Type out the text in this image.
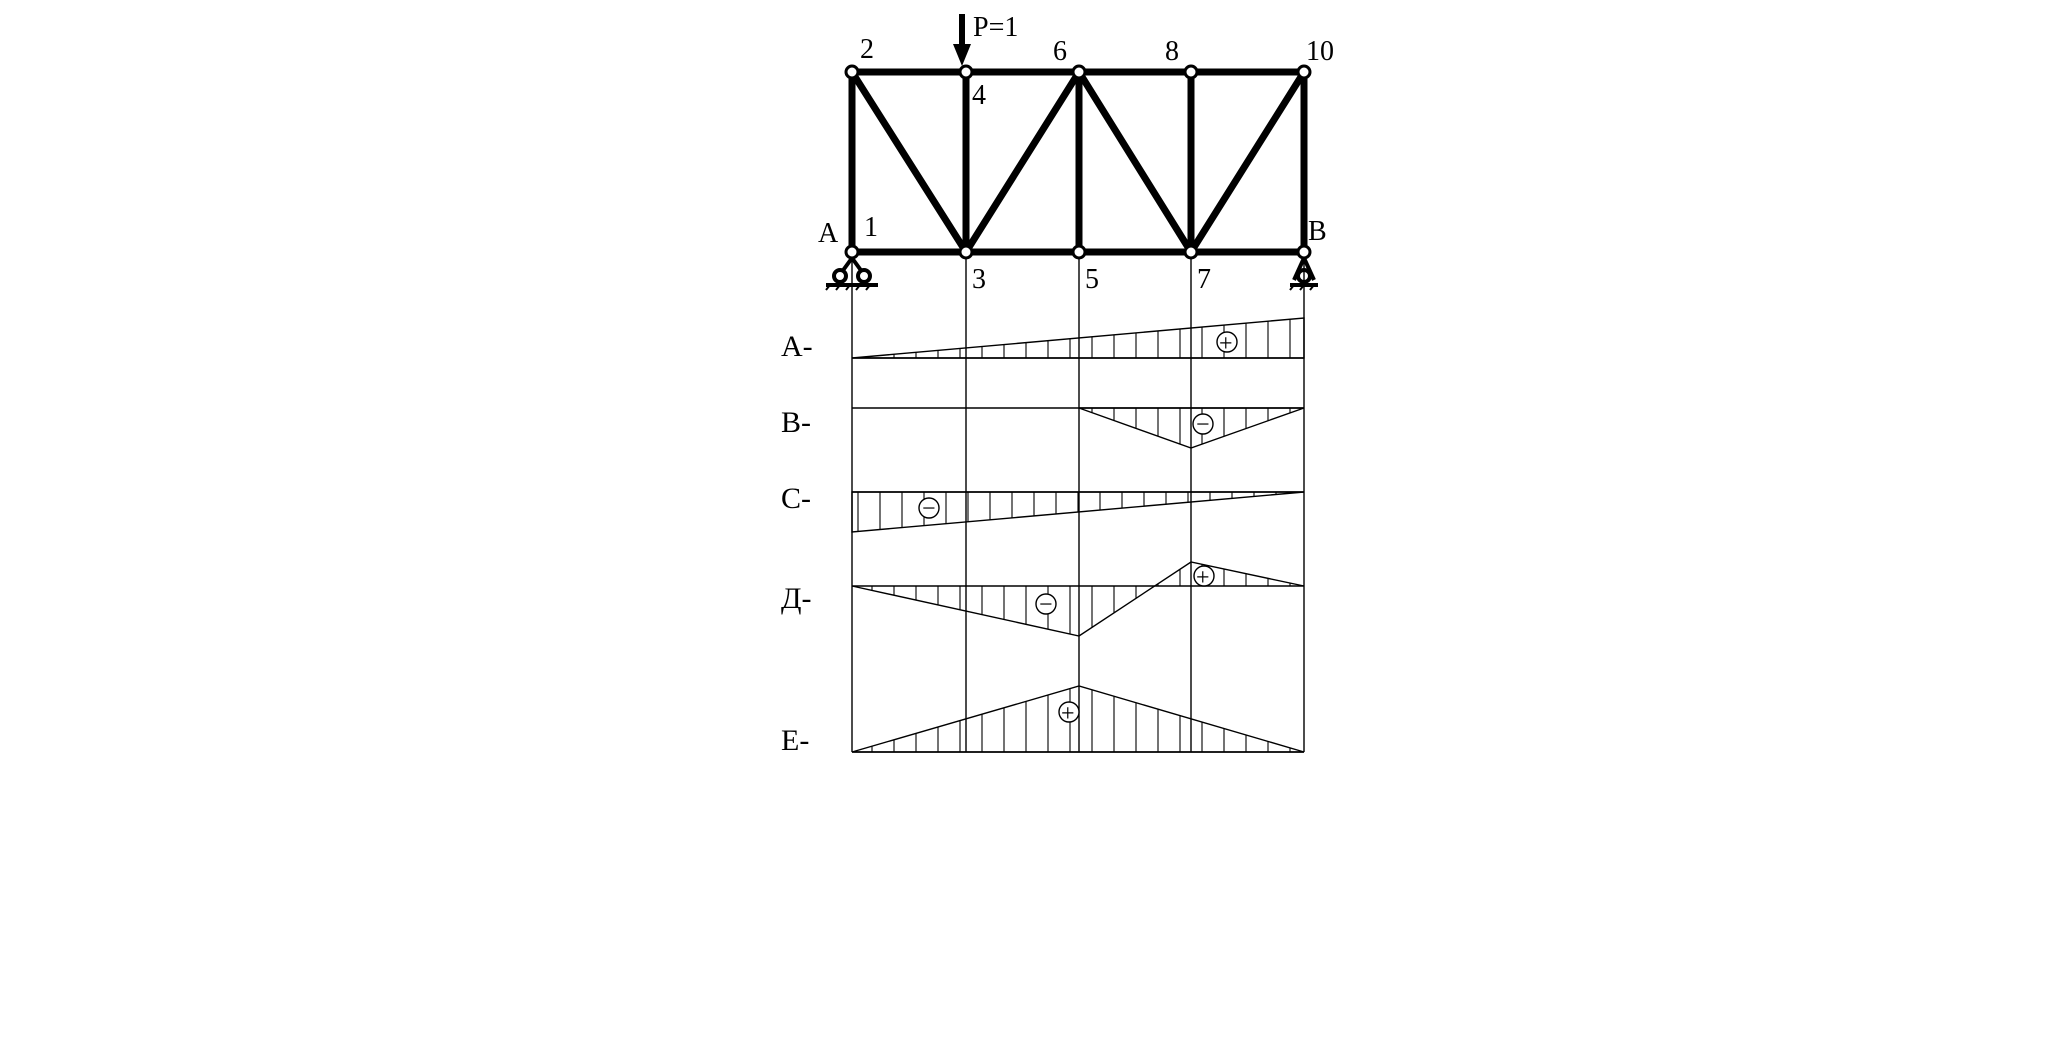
P=1
2
4
6	8	10
1
3	5	7
A	B
+
А-
−
В-
−
С-
−
+
Д-
+
Е-
